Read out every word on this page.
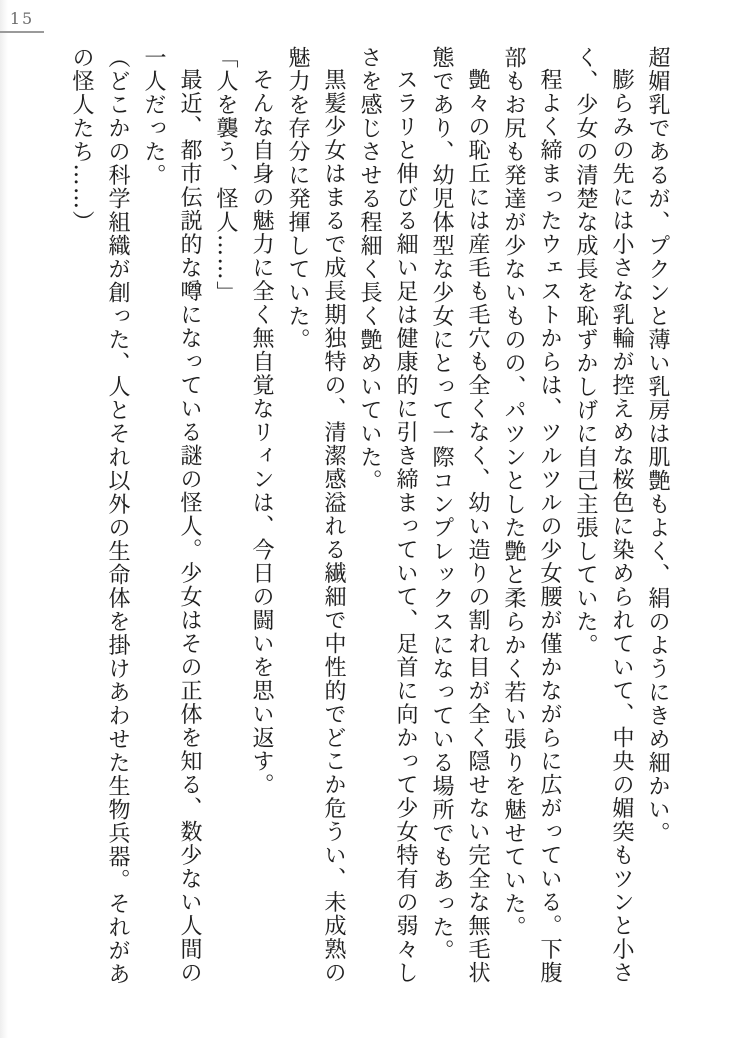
15

超媚乳であるが、プクンと薄い乳房は肌艶もよく、絹のようにきめ細かい。

膨らみの先には小さな乳輪が控えめな桜色に染められていて、中央の媚突もツンと小さく、少女の清楚な成長を恥ずかしげに自己主張していた。

程よく締まったウェストからは、ツルツルの少女腰が僅かながらに広がっている。下腹部もお尻も発達が少ないものの、パツンとした艶と柔らかく若い張りを魅せていた。

艶々の恥丘には産毛も毛穴も全くなく、幼い造りの割れ目が全く隠せない完全な無毛状態であり、幼児体型な少女にとって一際コンプレックスになっている場所でもあった。

スラリと伸びる細い足は健康的に引き締まっていて、足首に向かって少女特有の弱々しさを感じさせる程細く長く艶めいていた。

黒髪少女はまるで成長期独特の、清潔感溢れる繊細で中性的でどこか危うい、未成熟の魅力を存分に発揮していた。

そんな自身の魅力に全く無自覚なリィンは、今日の闘いを思い返す。

「人を襲う、怪人……」

最近、都市伝説的な噂になっている謎の怪人。少女はその正体を知る、数少ない人間の一人だった。

（どこかの科学組織が創った、人とそれ以外の生命体を掛けあわせた生物兵器。それがあの怪人たち……）
